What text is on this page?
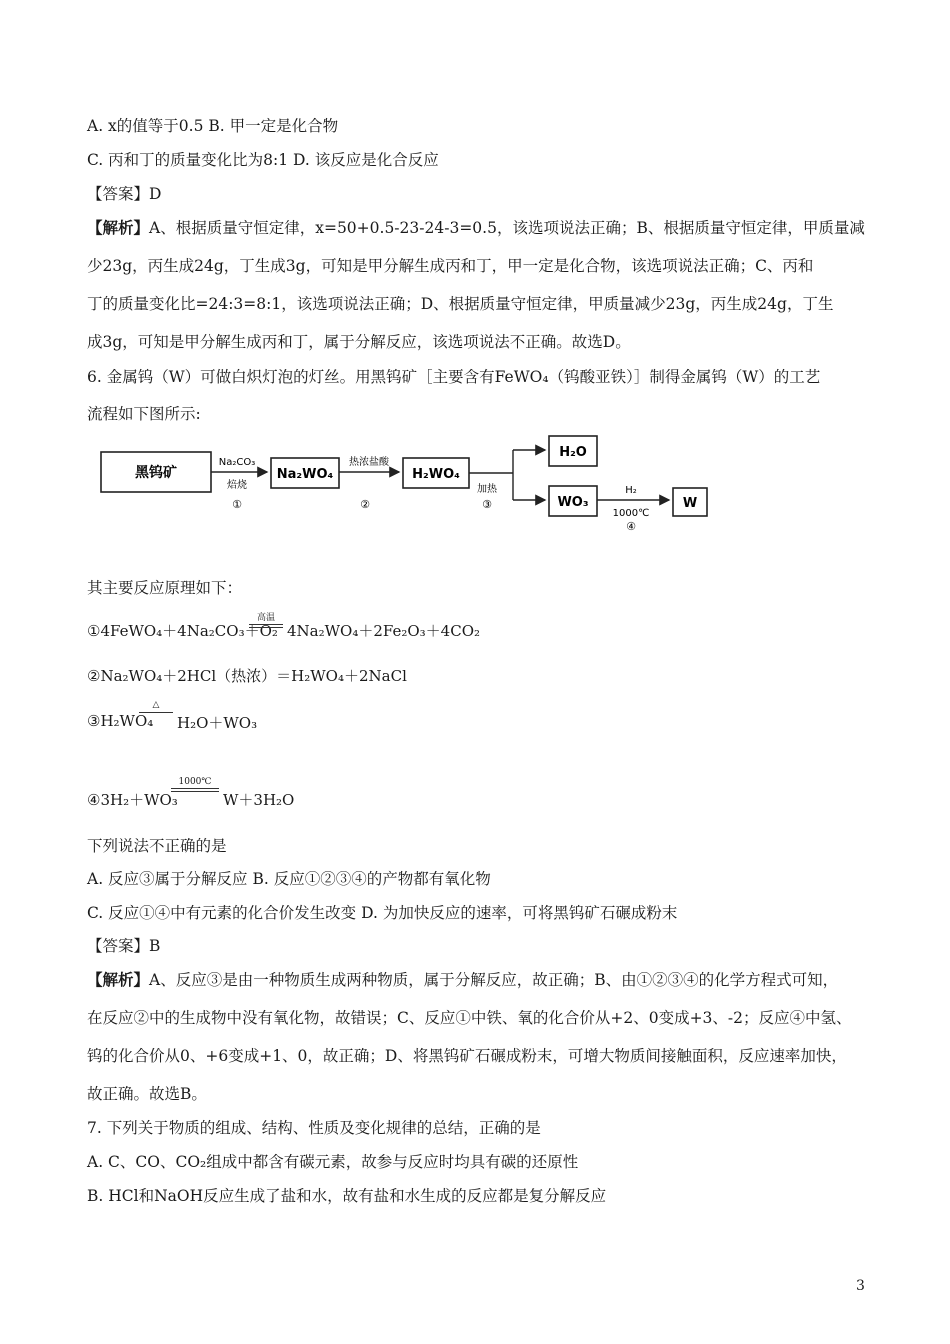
A. x的值等于0.5 B. 甲一定是化合物
C. 丙和丁的质量变化比为8:1 D. 该反应是化合反应
【答案】D
【解析】A、根据质量守恒定律，x=50+0.5-23-24-3=0.5，该选项说法正确；B、根据质量守恒定律，甲质量减
少23g，丙生成24g，丁生成3g，可知是甲分解生成丙和丁，甲一定是化合物，该选项说法正确；C、丙和
丁的质量变化比=24:3=8:1，该选项说法正确；D、根据质量守恒定律，甲质量减少23g，丙生成24g，丁生
成3g，可知是甲分解生成丙和丁，属于分解反应，该选项说法不正确。故选D。
6. 金属钨（W）可做白炽灯泡的灯丝。用黑钨矿［主要含有FeWO₄（钨酸亚铁）］制得金属钨（W）的工艺
流程如下图所示:
黑钨矿
Na₂CO₃
焙烧
①
Na₂WO₄
热浓盐酸
②
H₂WO₄
加热
③
H₂O
WO₃
H₂
1000℃
④
W
其主要反应原理如下：
①4FeWO₄＋4Na₂CO₃＋O₂
高温
4Na₂WO₄＋2Fe₂O₃＋4CO₂
②Na₂WO₄＋2HCl（热浓）＝H₂WO₄＋2NaCl
③H₂WO₄
△
H₂O＋WO₃
④3H₂＋WO₃
1000℃
W＋3H₂O
下列说法不正确的是
A. 反应③属于分解反应 B. 反应①②③④的产物都有氧化物
C. 反应①④中有元素的化合价发生改变 D. 为加快反应的速率，可将黑钨矿石碾成粉末
【答案】B
【解析】A、反应③是由一种物质生成两种物质，属于分解反应，故正确；B、由①②③④的化学方程式可知，
在反应②中的生成物中没有氧化物，故错误；C、反应①中铁、氧的化合价从+2、0变成+3、-2；反应④中氢、
钨的化合价从0、+6变成+1、0，故正确；D、将黑钨矿石碾成粉末，可增大物质间接触面积，反应速率加快，
故正确。故选B。
7. 下列关于物质的组成、结构、性质及变化规律的总结，正确的是
A. C、CO、CO₂组成中都含有碳元素，故参与反应时均具有碳的还原性
B. HCl和NaOH反应生成了盐和水，故有盐和水生成的反应都是复分解反应
3
